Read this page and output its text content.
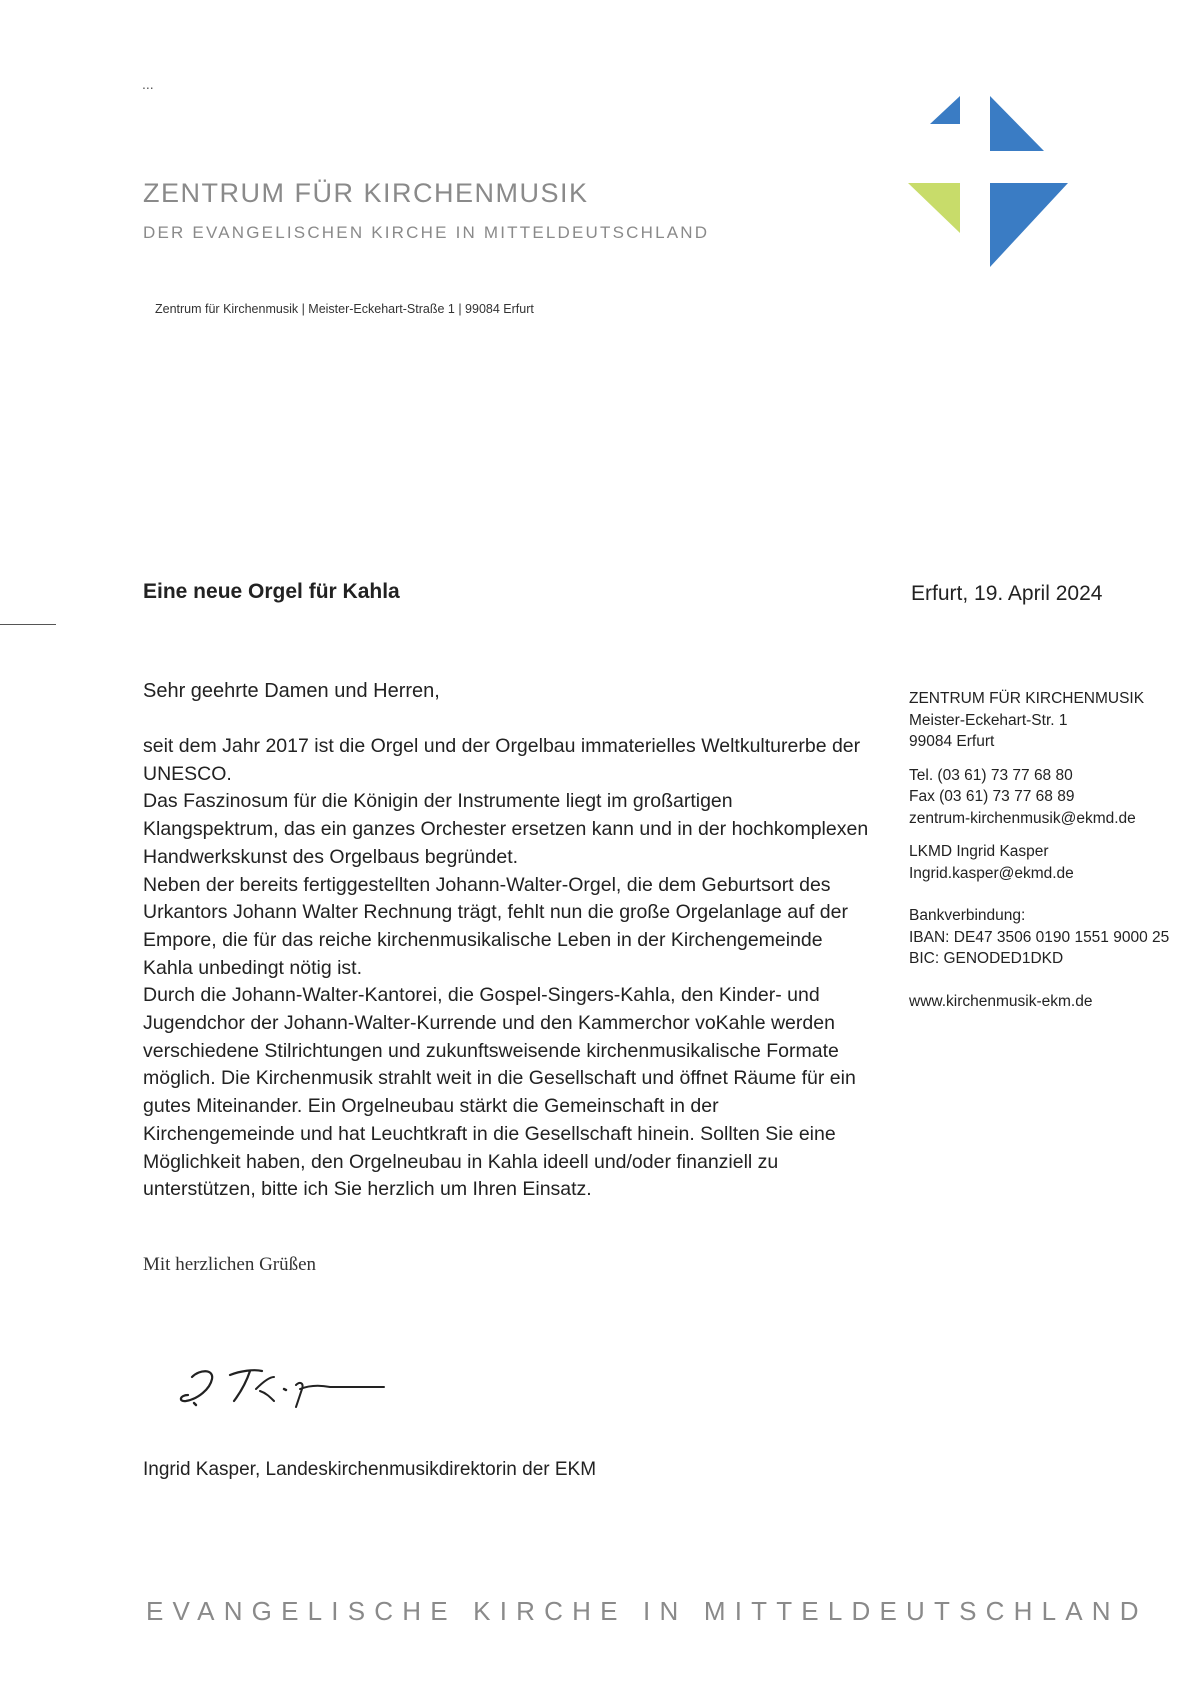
...
ZENTRUM FÜR KIRCHENMUSIK
DER EVANGELISCHEN KIRCHE IN MITTELDEUTSCHLAND
Zentrum für Kirchenmusik | Meister-Eckehart-Straße 1 | 99084 Erfurt
Eine neue Orgel für Kahla	Erfurt, 19. April 2024
Sehr geehrte Damen und Herren,

seit dem Jahr 2017 ist die Orgel und der Orgelbau immaterielles Weltkulturerbe der UNESCO.

Das Faszinosum für die Königin der Instrumente liegt im großartigen Klangspektrum, das ein ganzes Orchester ersetzen kann und in der hochkomplexen Handwerkskunst des Orgelbaus begründet.

Neben der bereits fertiggestellten Johann-Walter-Orgel, die dem Geburtsort des Urkantors Johann Walter Rechnung trägt, fehlt nun die große Orgelanlage auf der Empore, die für das reiche kirchenmusikalische Leben in der Kirchengemeinde Kahla unbedingt nötig ist.

Durch die Johann-Walter-Kantorei, die Gospel-Singers-Kahla, den Kinder- und Jugendchor der Johann-Walter-Kurrende und den Kammerchor voKahle werden verschiedene Stilrichtungen und zukunftsweisende kirchenmusikalische Formate möglich. Die Kirchenmusik strahlt weit in die Gesellschaft und öffnet Räume für ein gutes Miteinander. Ein Orgelneubau stärkt die Gemeinschaft in der Kirchengemeinde und hat Leuchtkraft in die Gesellschaft hinein. Sollten Sie eine Möglichkeit haben, den Orgelneubau in Kahla ideell und/oder finanziell zu unterstützen, bitte ich Sie herzlich um Ihren Einsatz.

Mit herzlichen Grüßen
Ingrid Kasper, Landeskirchenmusikdirektorin der EKM
ZENTRUM FÜR KIRCHENMUSIK
Meister-Eckehart-Str. 1
99084 Erfurt
Tel. (03 61) 73 77 68 80
Fax (03 61) 73 77 68 89
zentrum-kirchenmusik@ekmd.de
LKMD Ingrid Kasper
Ingrid.kasper@ekmd.de
Bankverbindung:
IBAN: DE47 3506 0190 1551 9000 25
BIC: GENODED1DKD
www.kirchenmusik-ekm.de
EVANGELISCHE KIRCHE IN MITTELDEUTSCHLAND
